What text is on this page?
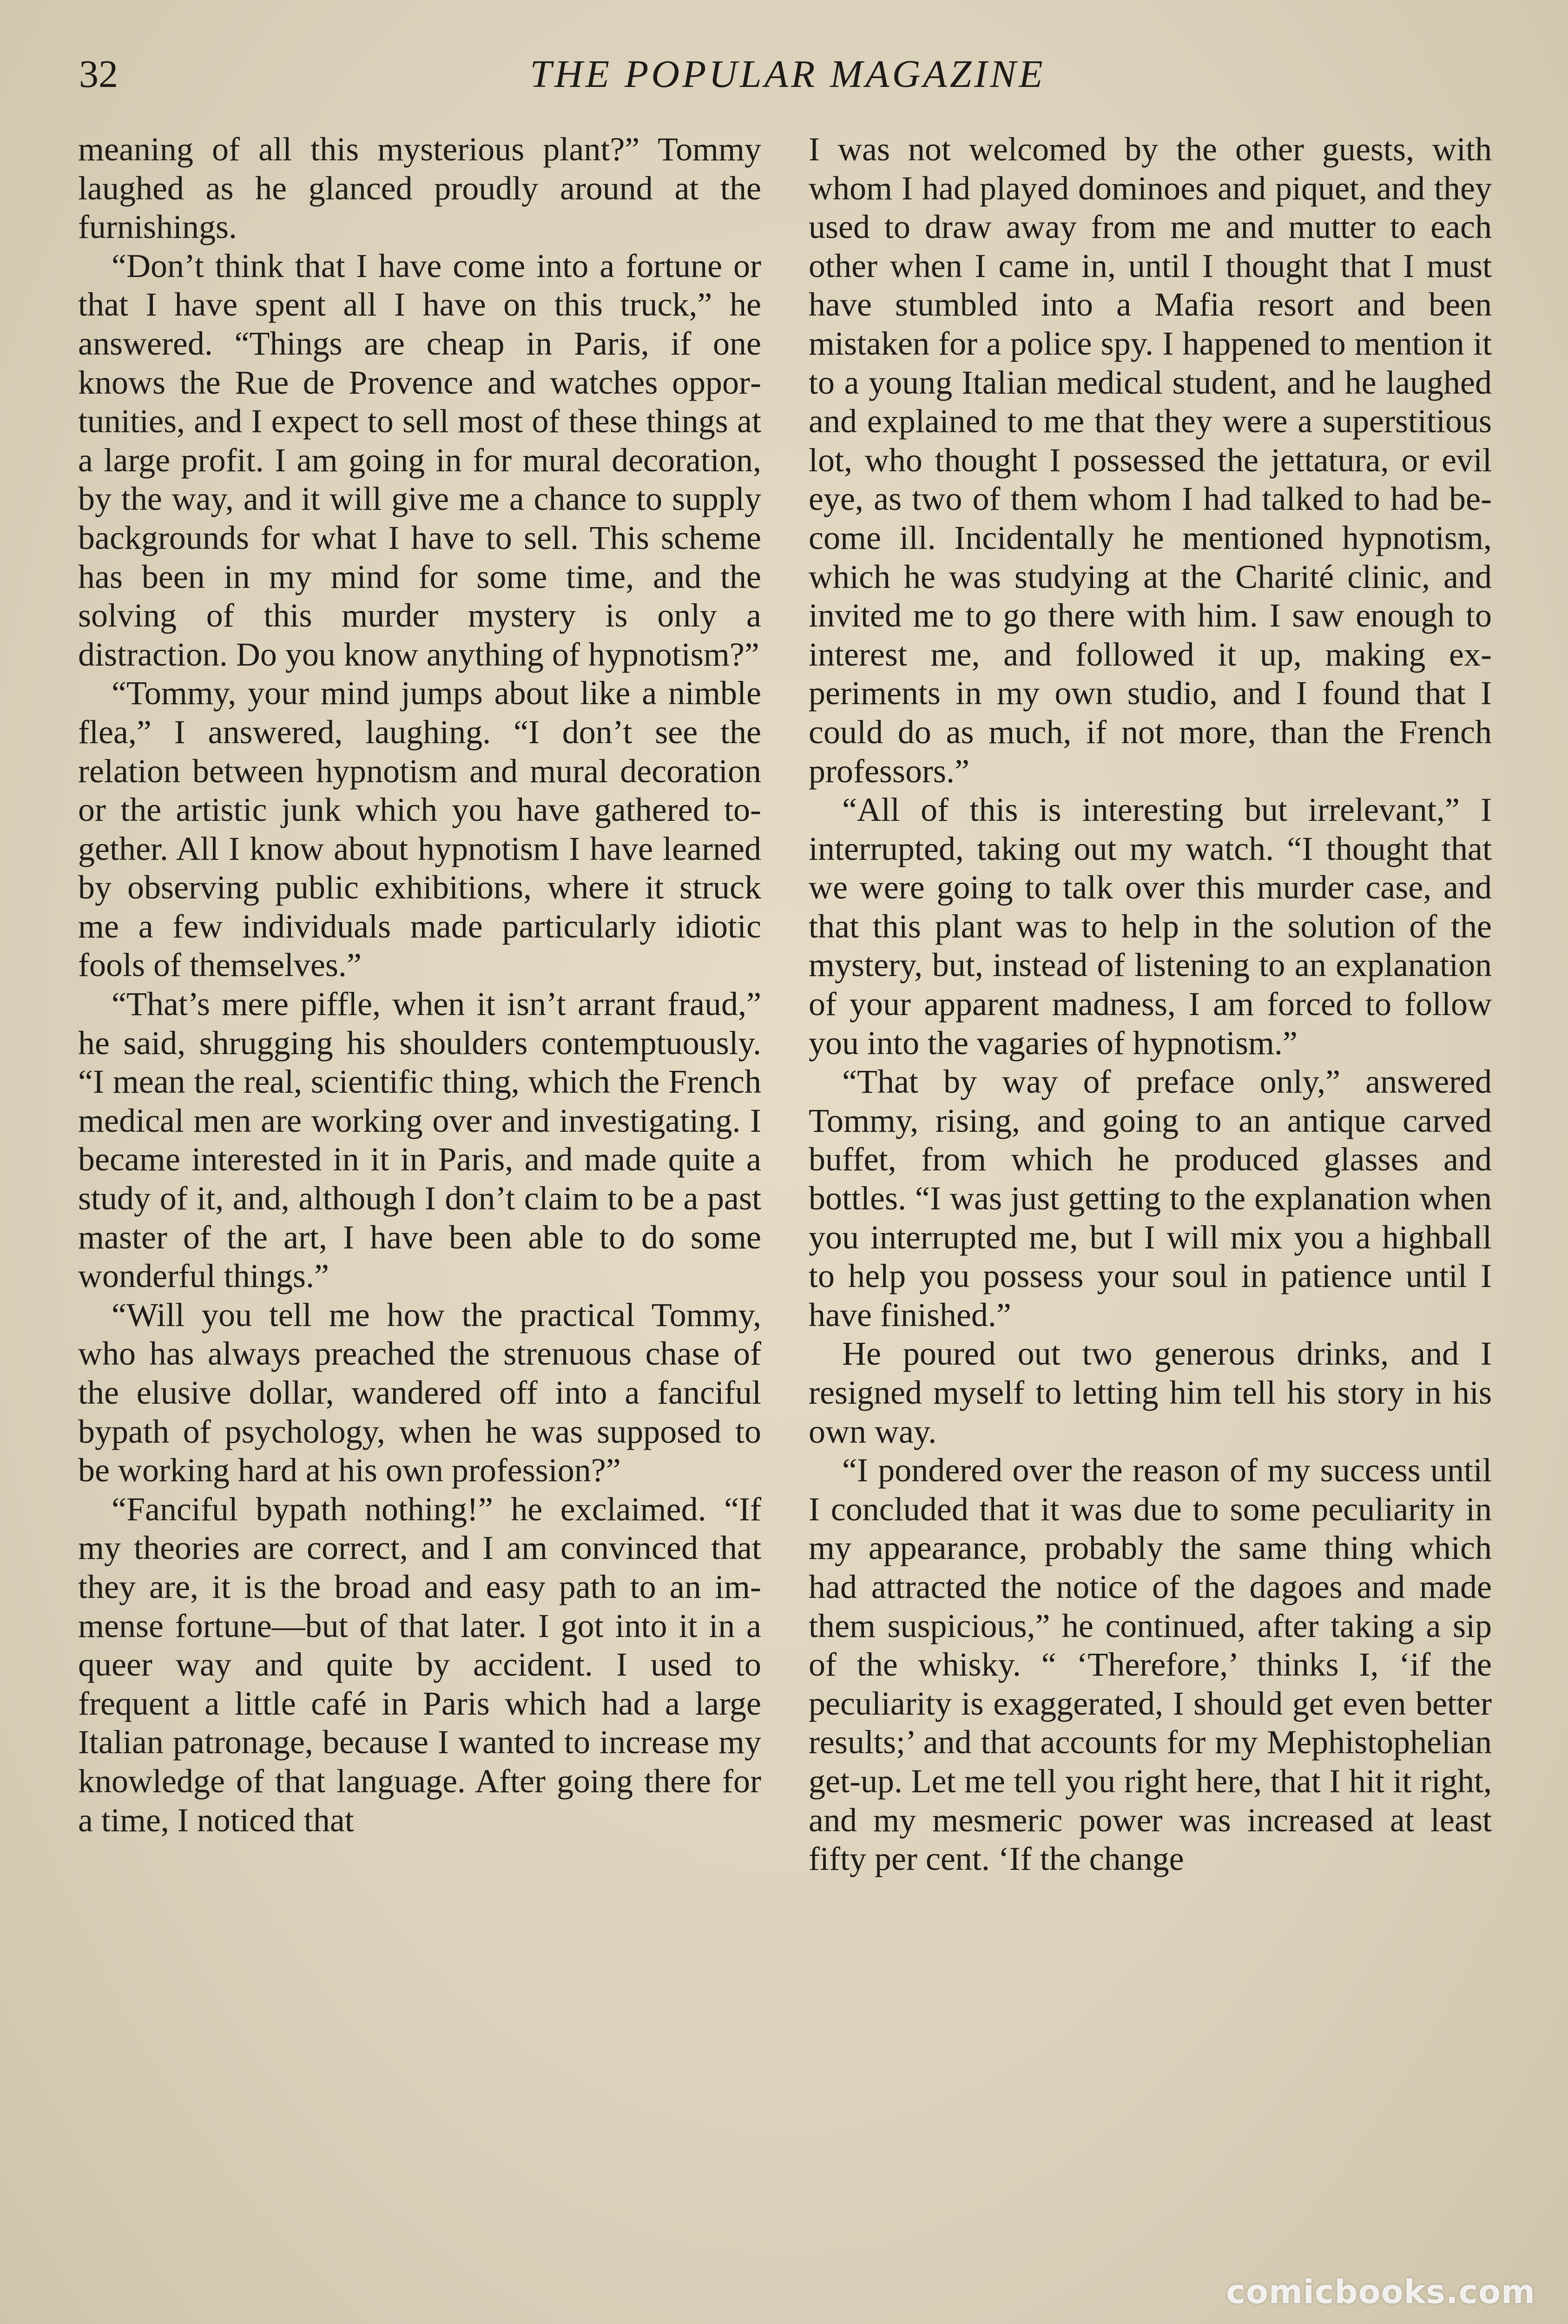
32	THE POPULAR MAGAZINE

meaning of all this mysterious plant?” Tommy laughed as he glanced proudly around at the furnishings.

“Don’t think that I have come into a fortune or that I have spent all I have on this truck,” he answered. “Things are cheap in Paris, if one knows the Rue de Provence and watches opportunities, and I expect to sell most of these things at a large profit. I am going in for mural decoration, by the way, and it will give me a chance to supply backgrounds for what I have to sell. This scheme has been in my mind for some time, and the solving of this murder mystery is only a distraction. Do you know anything of hypnotism?”

“Tommy, your mind jumps about like a nimble flea,” I answered, laughing. “I don’t see the relation between hypnotism and mural decoration or the artistic junk which you have gathered together. All I know about hypnotism I have learned by observing public exhibitions, where it struck me a few individuals made particularly idiotic fools of themselves.”

“That’s mere piffle, when it isn’t arrant fraud,” he said, shrugging his shoulders contemptuously. “I mean the real, scientific thing, which the French medical men are working over and investigating. I became interested in it in Paris, and made quite a study of it, and, although I don’t claim to be a past master of the art, I have been able to do some wonderful things.”

“Will you tell me how the practical Tommy, who has always preached the strenuous chase of the elusive dollar, wandered off into a fanciful bypath of psychology, when he was supposed to be working hard at his own profession?”

“Fanciful bypath nothing!” he exclaimed. “If my theories are correct, and I am convinced that they are, it is the broad and easy path to an immense fortune—but of that later. I got into it in a queer way and quite by accident. I used to frequent a little café in Paris which had a large Italian patronage, because I wanted to increase my knowledge of that language. After going there for a time, I noticed that

I was not welcomed by the other guests, with whom I had played dominoes and piquet, and they used to draw away from me and mutter to each other when I came in, until I thought that I must have stumbled into a Mafia resort and been mistaken for a police spy. I happened to mention it to a young Italian medical student, and he laughed and explained to me that they were a superstitious lot, who thought I possessed the jettatura, or evil eye, as two of them whom I had talked to had become ill. Incidentally he mentioned hypnotism, which he was studying at the Charité clinic, and invited me to go there with him. I saw enough to interest me, and followed it up, making experiments in my own studio, and I found that I could do as much, if not more, than the French professors.”

“All of this is interesting but irrelevant,” I interrupted, taking out my watch. “I thought that we were going to talk over this murder case, and that this plant was to help in the solution of the mystery, but, instead of listening to an explanation of your apparent madness, I am forced to follow you into the vagaries of hypnotism.”

“That by way of preface only,” answered Tommy, rising, and going to an antique carved buffet, from which he produced glasses and bottles. “I was just getting to the explanation when you interrupted me, but I will mix you a highball to help you possess your soul in patience until I have finished.”

He poured out two generous drinks, and I resigned myself to letting him tell his story in his own way.

“I pondered over the reason of my success until I concluded that it was due to some peculiarity in my appearance, probably the same thing which had attracted the notice of the dagoes and made them suspicious,” he continued, after taking a sip of the whisky. “ ‘Therefore,’ thinks I, ‘if the peculiarity is exaggerated, I should get even better results;’ and that accounts for my Mephistophelian get-up. Let me tell you right here, that I hit it right, and my mesmeric power was increased at least fifty per cent. ‘If the change

comicbooks.com
